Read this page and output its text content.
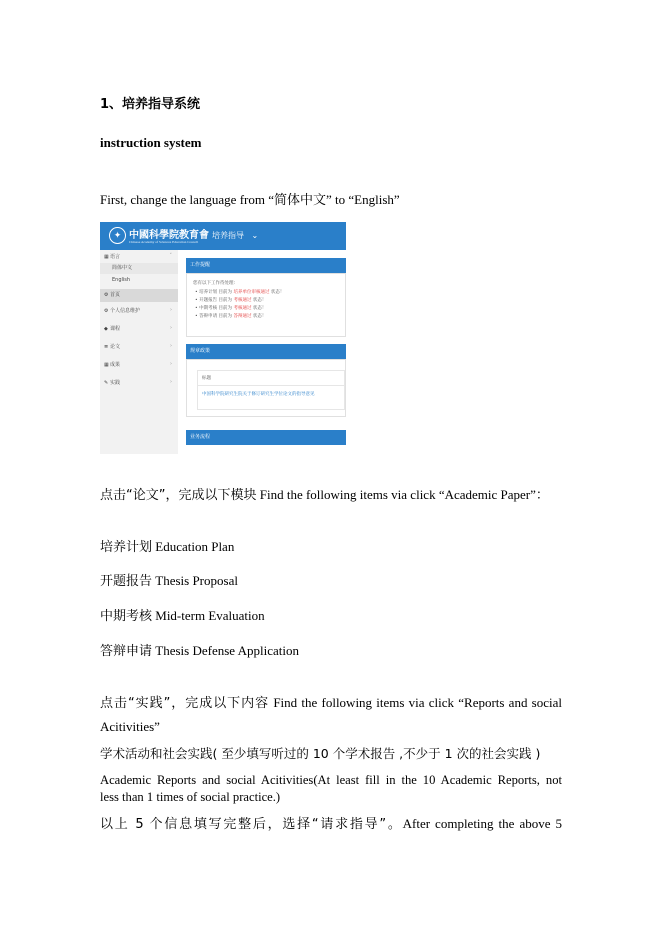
1、培养指导系统
instruction system
First, change the language from “简体中文” to “English”
✦ 中國科學院教育會
Chinese Academy of Sciences Education Council
培养指导 ⌄
▦语言	˅
简体中文
English
⚙ 首页
⚙ 个人信息维护	›
◆ 课程	›
≣ 论文	›
▦成果	›
✎ 实践	›
工作提醒
您有以下工作待处理:
• 培养计划 目前为 培养单位审核通过 状态！
• 开题报告 目前为 考核通过 状态！
• 中期考核 目前为 考核通过 状态！
• 答辩申请 目前为 答辩通过 状态！
规章政策
标题
中国科学院研究生院关于修订研究生学位论文的指导意见
业务流程
点击“论文”，完成以下模块 Find the following items via click “Academic Paper”：
培养计划 Education Plan
开题报告 Thesis Proposal
中期考核 Mid-term Evaluation
答辩申请 Thesis Defense Application
点击“实践”，完成以下内容 Find the following items via click “Reports and social
Acitivities”
学术活动和社会实践( 至少填写听过的 10 个学术报告 ,不少于 1 次的社会实践 )
Academic Reports and social Acitivities(At least fill in the 10 Academic Reports, not
less than 1 times of social practice.)
以上 5 个信息填写完整后，选择“请求指导”。After completing the above 5
